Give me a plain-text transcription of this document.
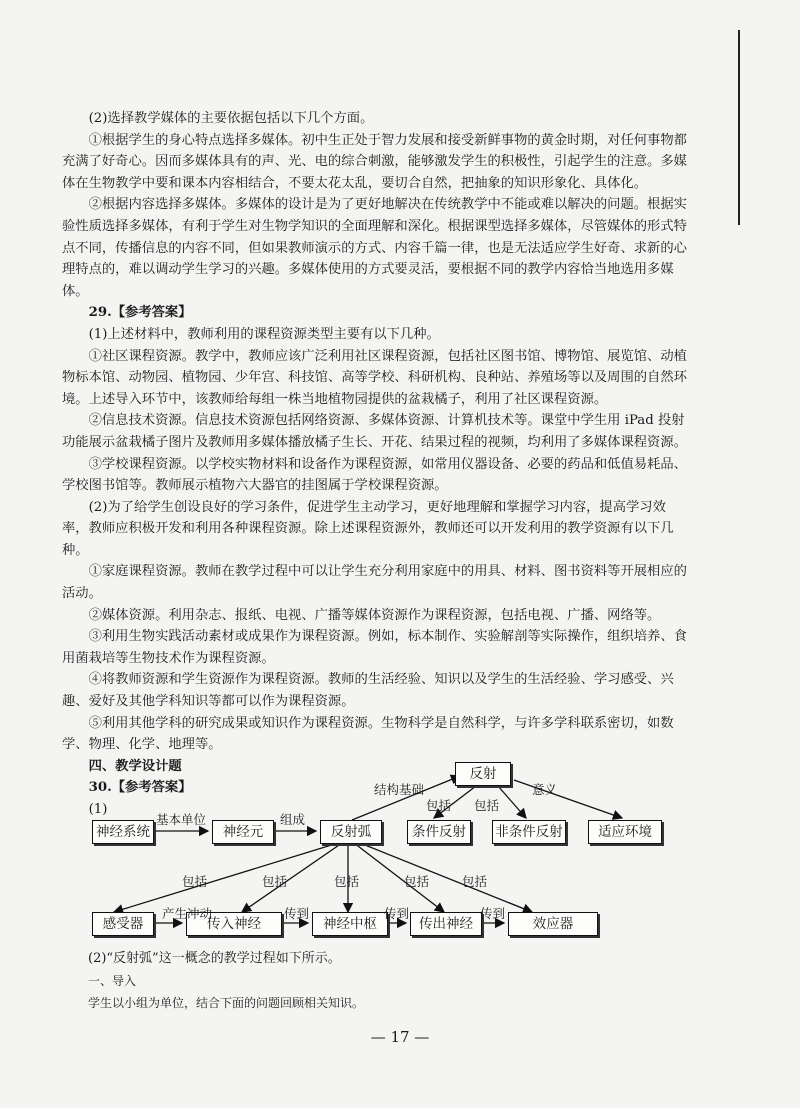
(2)选择教学媒体的主要依据包括以下几个方面。

①根据学生的身心特点选择多媒体。初中生正处于智力发展和接受新鲜事物的黄金时期，对任何事物都充满了好奇心。因而多媒体具有的声、光、电的综合刺激，能够激发学生的积极性，引起学生的注意。多媒体在生物教学中要和课本内容相结合，不要太花太乱，要切合自然，把抽象的知识形象化、具体化。

②根据内容选择多媒体。多媒体的设计是为了更好地解决在传统教学中不能或难以解决的问题。根据实验性质选择多媒体，有利于学生对生物学知识的全面理解和深化。根据课型选择多媒体，尽管媒体的形式特点不同，传播信息的内容不同，但如果教师演示的方式、内容千篇一律，也是无法适应学生好奇、求新的心理特点的，难以调动学生学习的兴趣。多媒体使用的方式要灵活，要根据不同的教学内容恰当地选用多媒体。

29.【参考答案】

(1)上述材料中，教师利用的课程资源类型主要有以下几种。

①社区课程资源。教学中，教师应该广泛利用社区课程资源，包括社区图书馆、博物馆、展览馆、动植物标本馆、动物园、植物园、少年宫、科技馆、高等学校、科研机构、良种站、养殖场等以及周围的自然环境。上述导入环节中，该教师给每组一株当地植物园提供的盆栽橘子，利用了社区课程资源。

②信息技术资源。信息技术资源包括网络资源、多媒体资源、计算机技术等。课堂中学生用 iPad 投射功能展示盆栽橘子图片及教师用多媒体播放橘子生长、开花、结果过程的视频，均利用了多媒体课程资源。

③学校课程资源。以学校实物材料和设备作为课程资源，如常用仪器设备、必要的药品和低值易耗品、学校图书馆等。教师展示植物六大器官的挂图属于学校课程资源。

(2)为了给学生创设良好的学习条件，促进学生主动学习，更好地理解和掌握学习内容，提高学习效率，教师应积极开发和利用各种课程资源。除上述课程资源外，教师还可以开发利用的教学资源有以下几种。

①家庭课程资源。教师在教学过程中可以让学生充分利用家庭中的用具、材料、图书资料等开展相应的活动。

②媒体资源。利用杂志、报纸、电视、广播等媒体资源作为课程资源，包括电视、广播、网络等。

③利用生物实践活动素材或成果作为课程资源。例如，标本制作、实验解剖等实际操作，组织培养、食用菌栽培等生物技术作为课程资源。

④将教师资源和学生资源作为课程资源。教师的生活经验、知识以及学生的生活经验、学习感受、兴趣、爱好及其他学科知识等都可以作为课程资源。

⑤利用其他学科的研究成果或知识作为课程资源。生物科学是自然科学，与许多学科联系密切，如数学、物理、化学、地理等。

四、教学设计题

30.【参考答案】

(1)

反射
神经系统	神经元	反射弧	条件反射	非条件反射	适应环境
感受器	传入神经	神经中枢	传出神经	效应器
结构基础	意义
包括 包括
基本单位	组成
包括	包括	包括	包括	包括
产生冲动	传到	传到	传到

(2)“反射弧”这一概念的教学过程如下所示。

一、导入

学生以小组为单位，结合下面的问题回顾相关知识。

— 17 —
